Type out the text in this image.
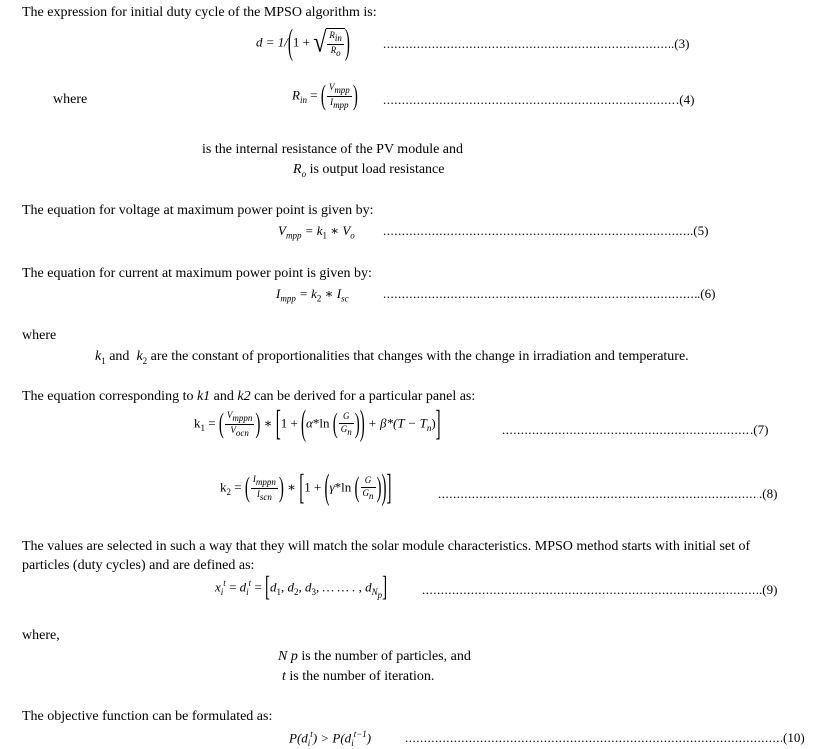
The expression for initial duty cycle of the MPSO algorithm is:
d = 1/(1 + √ $\frac{R_{in}}{R_o}$ ) .....	.(3)
where	$R_{in}$ = ( $\frac{V_{mpp}}{I_{mpp}}$ ) .....	.(4)
is the internal resistance of the PV module and
$R_o$ is output load resistance
The equation for voltage at maximum power point is given by:
$V_{mpp} = k_1$ ∗ $V_o$ .....	.(5)
The equation for current at maximum power point is given by:
$I_{mpp} = k_2$ ∗ $I_{sc}$ .....	.(6)
where
$k_1$ and $k_2$ are the constant of proportionalities that changes with the change in irradiation and temperature.
The equation corresponding to k1 and k2 can be derived for a particular panel as:
$k_1$ = ( $\frac{V_{mppn}}{V_{ocn}}$ ) ∗ [1 + (α*ln ( $\frac{G}{G_n}$ )) + $\beta*(T - T_n)$] .....	.(7)
$k_2$ = ( $\frac{I_{mppn}}{I_{scn}}$ ) ∗ [1 + (γ*ln ( $\frac{G}{G_n}$ ))] .....	.(8)
The values are selected in such a way that they will match the solar module characteristics. MPSO method starts with initial set of
particles (duty cycles) and are defined as:
$x_i^t = d_i^t = [d_1$, $d_2$, $d_3$, … … . , $d_{N_p}$] .....	.(9)
where,
N p is the number of particles, and
t is the number of iteration.
The objective function can be formulated as:
$P(d_i^t) > P(d_i^{t-1})$ .....	(10)
